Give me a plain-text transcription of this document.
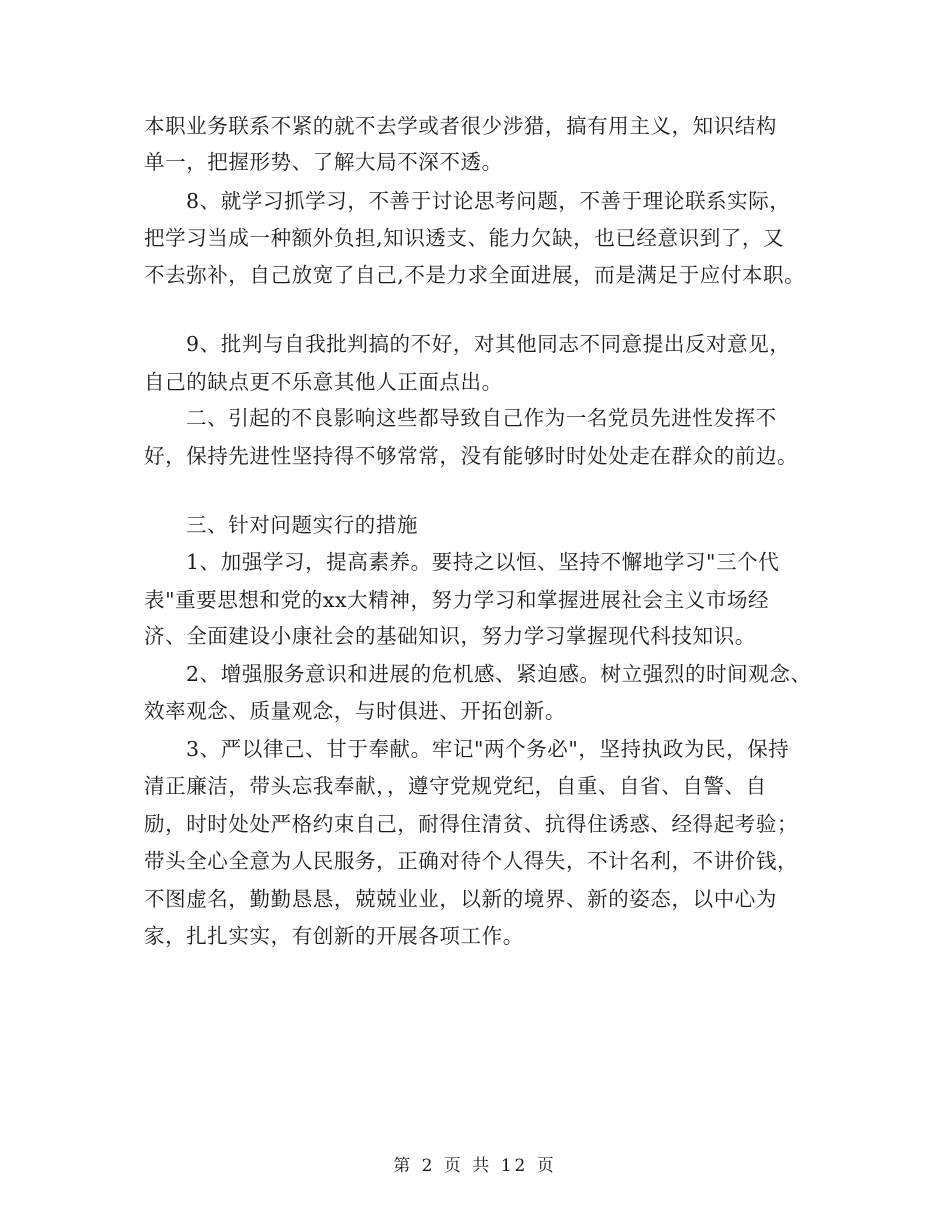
本职业务联系不紧的就不去学或者很少涉猎，搞有用主义，知识结构
单一，把握形势、了解大局不深不透。
8、就学习抓学习，不善于讨论思考问题，不善于理论联系实际，
把学习当成一种额外负担,知识透支、能力欠缺，也已经意识到了，又
不去弥补，自己放宽了自己,不是力求全面进展，而是满足于应付本职。
9、批判与自我批判搞的不好，对其他同志不同意提出反对意见，
自己的缺点更不乐意其他人正面点出。
二、引起的不良影响这些都导致自己作为一名党员先进性发挥不
好，保持先进性坚持得不够常常，没有能够时时处处走在群众的前边。
三、针对问题实行的措施
1、加强学习，提高素养。要持之以恒、坚持不懈地学习"三个代
表"重要思想和党的xx大精神，努力学习和掌握进展社会主义市场经
济、全面建设小康社会的基础知识，努力学习掌握现代科技知识。
2、增强服务意识和进展的危机感、紧迫感。树立强烈的时间观念、
效率观念、质量观念，与时俱进、开拓创新。
3、严以律己、甘于奉献。牢记"两个务必"，坚持执政为民，保持
清正廉洁，带头忘我奉献，，遵守党规党纪，自重、自省、自警、自
励，时时处处严格约束自己，耐得住清贫、抗得住诱惑、经得起考验；
带头全心全意为人民服务，正确对待个人得失，不计名利，不讲价钱，
不图虚名，勤勤恳恳，兢兢业业，以新的境界、新的姿态，以中心为
家，扎扎实实，有创新的开展各项工作。
第 2 页 共 12 页
